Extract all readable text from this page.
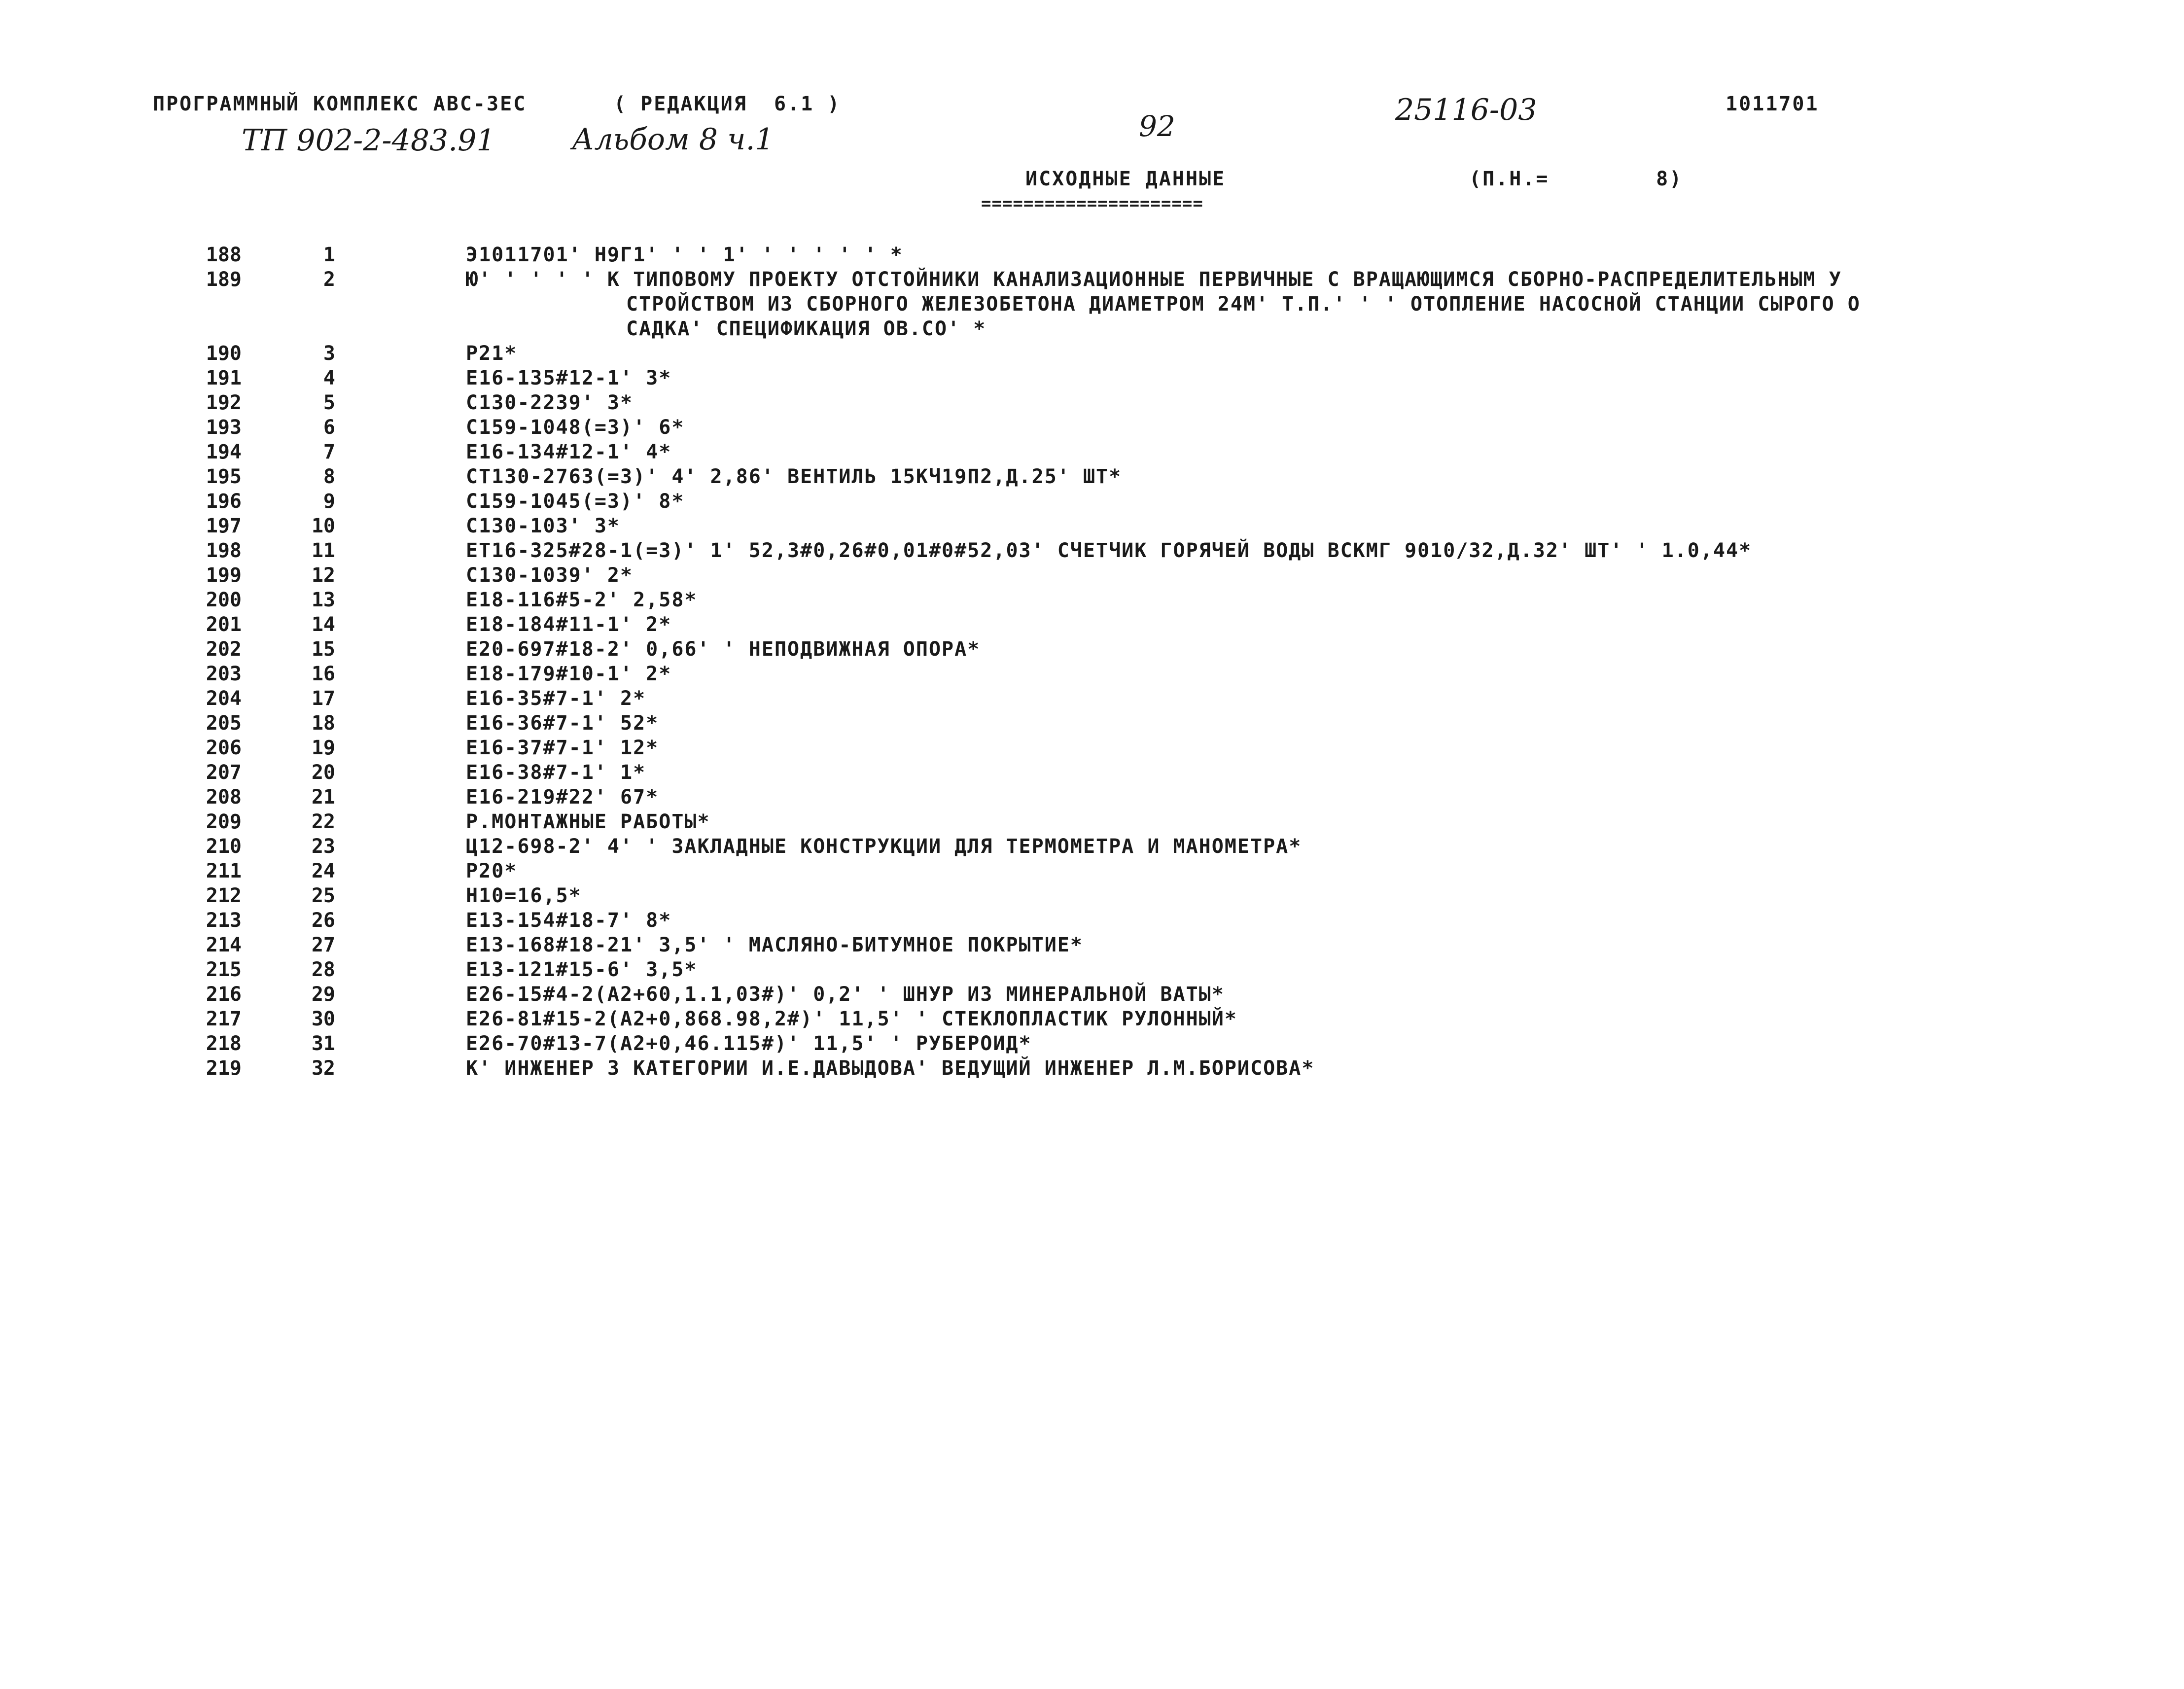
ПРОГРАММНЫЙ КОМПЛЕКС АВС-3ЕС	( РЕДАКЦИЯ  6.1 )	1011701
ТП 902-2-483.91	Альбом 8 ч.1	92	25116-03
ИСХОДНЫЕ ДАННЫЕ	(П.Н.=        8)
=====================
188	1	Э1011701' Н9Г1' ' ' 1' ' ' ' ' ' *
189	2	Ю' ' ' ' ' К ТИПОВОМУ ПРОЕКТУ ОТСТОЙНИКИ КАНАЛИЗАЦИОННЫЕ ПЕРВИЧНЫЕ С ВРАЩАЮЩИМСЯ СБОРНО-РАСПРЕДЕЛИТЕЛЬНЫМ У
СТРОЙСТВОМ ИЗ СБОРНОГО ЖЕЛЕЗОБЕТОНА ДИАМЕТРОМ 24М' Т.П.' ' ' ОТОПЛЕНИЕ НАСОСНОЙ СТАНЦИИ СЫРОГО О
САДКА' СПЕЦИФИКАЦИЯ ОВ.СО' *
190	3	Р21*
191	4	Е16-135#12-1' 3*
192	5	С130-2239' 3*
193	6	С159-1048(=3)' 6*
194	7	Е16-134#12-1' 4*
195	8	СТ130-2763(=3)' 4' 2,86' ВЕНТИЛЬ 15КЧ19П2,Д.25' ШТ*
196	9	С159-1045(=3)' 8*
197	10	С130-103' 3*
198	11	ЕТ16-325#28-1(=3)' 1' 52,3#0,26#0,01#0#52,03' СЧЕТЧИК ГОРЯЧЕЙ ВОДЫ ВСКМГ 9010/32,Д.32' ШТ' ' 1.0,44*
199	12	С130-1039' 2*
200	13	Е18-116#5-2' 2,58*
201	14	Е18-184#11-1' 2*
202	15	Е20-697#18-2' 0,66' ' НЕПОДВИЖНАЯ ОПОРА*
203	16	Е18-179#10-1' 2*
204	17	Е16-35#7-1' 2*
205	18	Е16-36#7-1' 52*
206	19	Е16-37#7-1' 12*
207	20	Е16-38#7-1' 1*
208	21	Е16-219#22' 67*
209	22	Р.МОНТАЖНЫЕ РАБОТЫ*
210	23	Ц12-698-2' 4' ' ЗАКЛАДНЫЕ КОНСТРУКЦИИ ДЛЯ ТЕРМОМЕТРА И МАНОМЕТРА*
211	24	Р20*
212	25	Н10=16,5*
213	26	Е13-154#18-7' 8*
214	27	Е13-168#18-21' 3,5' ' МАСЛЯНО-БИТУМНОЕ ПОКРЫТИЕ*
215	28	Е13-121#15-6' 3,5*
216	29	Е26-15#4-2(А2+60,1.1,03#)' 0,2' ' ШНУР ИЗ МИНЕРАЛЬНОЙ ВАТЫ*
217	30	Е26-81#15-2(А2+0,868.98,2#)' 11,5' ' СТЕКЛОПЛАСТИК РУЛОННЫЙ*
218	31	Е26-70#13-7(А2+0,46.115#)' 11,5' ' РУБЕРОИД*
219	32	К' ИНЖЕНЕР 3 КАТЕГОРИИ И.Е.ДАВЫДОВА' ВЕДУЩИЙ ИНЖЕНЕР Л.М.БОРИСОВА*
